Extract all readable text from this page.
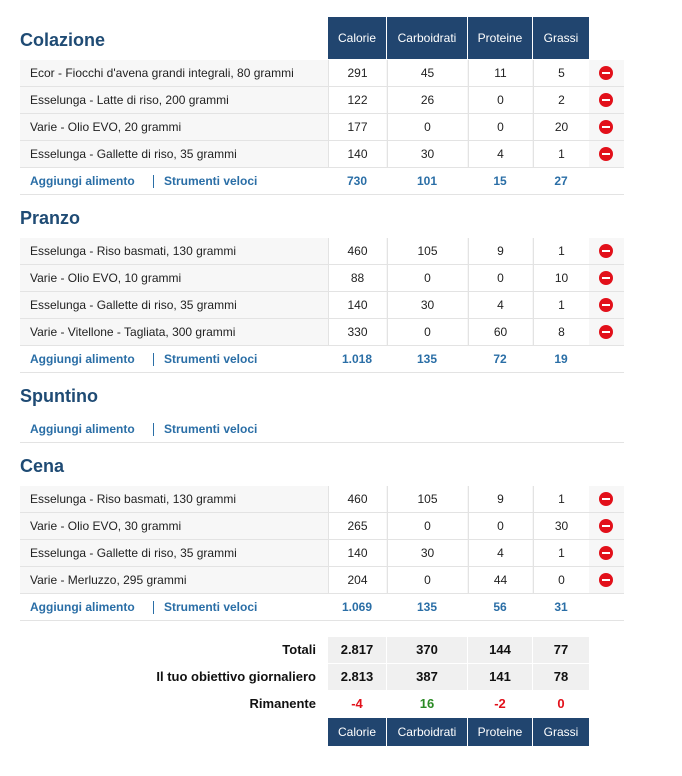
Calorie	Carboidrati	Proteine	Grassi
Colazione
Ecor - Fiocchi d'avena grandi integrali, 80 grammi	291	45	11	5
Esselunga - Latte di riso, 200 grammi	122	26	0	2
Varie - Olio EVO, 20 grammi	177	0	0	20
Esselunga - Gallette di riso, 35 grammi	140	30	4	1
Aggiungi alimento Strumenti veloci	730	101	15	27
Pranzo
Esselunga - Riso basmati, 130 grammi	460	105	9	1
Varie - Olio EVO, 10 grammi	88	0	0	10
Esselunga - Gallette di riso, 35 grammi	140	30	4	1
Varie - Vitellone - Tagliata, 300 grammi	330	0	60	8
Aggiungi alimento Strumenti veloci	1.018	135	72	19
Spuntino
Aggiungi alimento Strumenti veloci
Cena
Esselunga - Riso basmati, 130 grammi	460	105	9	1
Varie - Olio EVO, 30 grammi	265	0	0	30
Esselunga - Gallette di riso, 35 grammi	140	30	4	1
Varie - Merluzzo, 295 grammi	204	0	44	0
Aggiungi alimento Strumenti veloci	1.069	135	56	31
Totali	2.817	370	144	77
Il tuo obiettivo giornaliero	2.813	387	141	78
Rimanente	-4	16	-2	0
Calorie	Carboidrati	Proteine	Grassi
